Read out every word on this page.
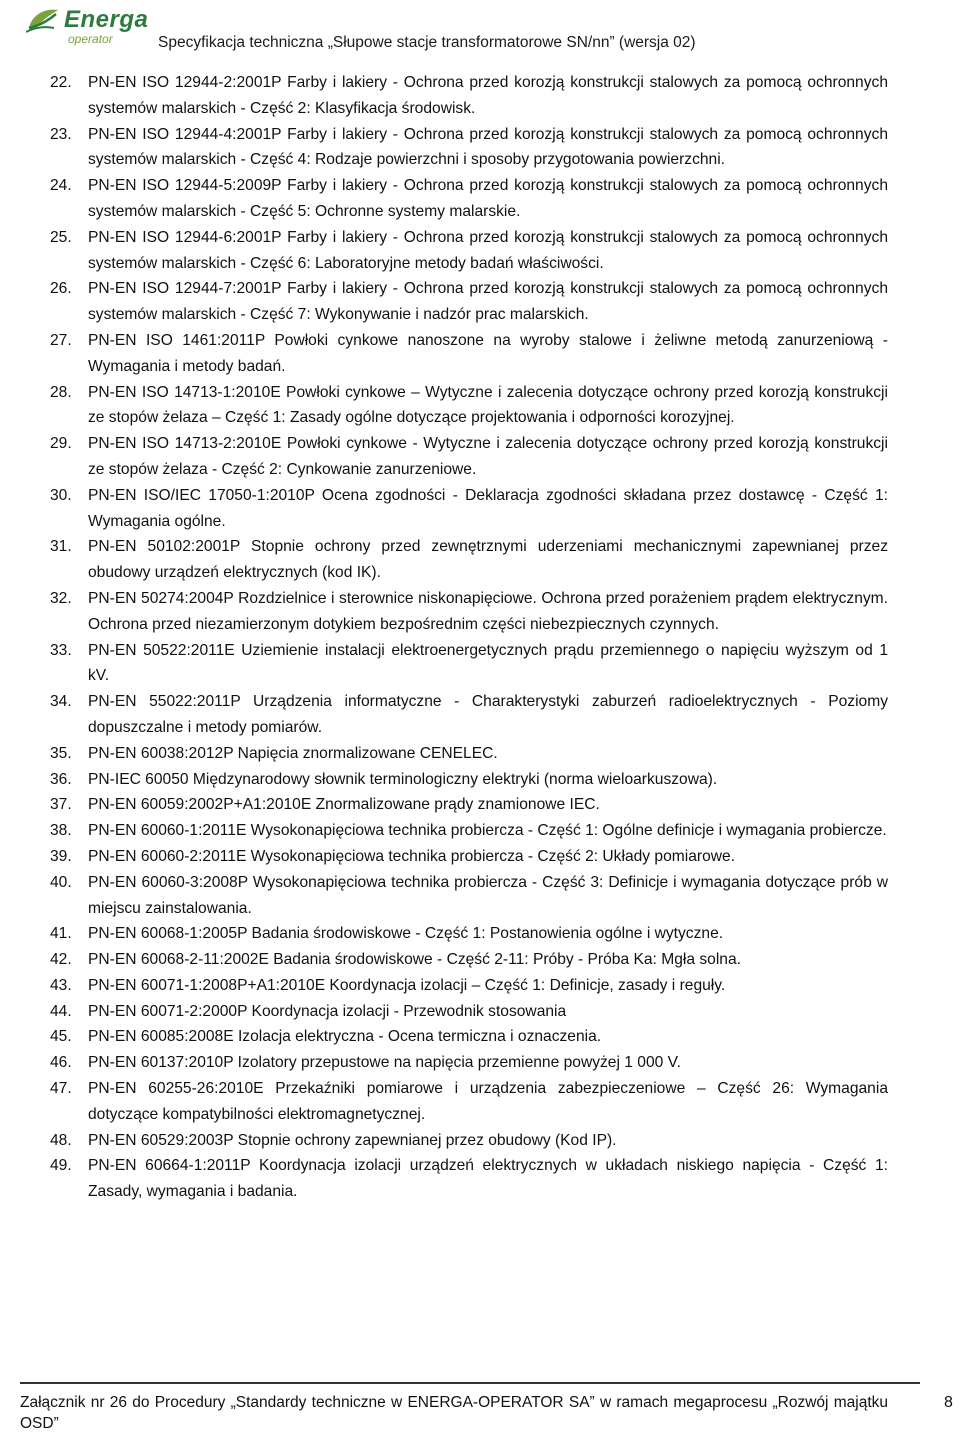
Energa
operator	Specyfikacja techniczna „Słupowe stacje transformatorowe SN/nn” (wersja 02)
22.	PN-EN ISO 12944-2:2001P Farby i lakiery - Ochrona przed korozją konstrukcji stalowych za pomocą ochronnych systemów malarskich - Część 2: Klasyfikacja środowisk.
23.	PN-EN ISO 12944-4:2001P Farby i lakiery - Ochrona przed korozją konstrukcji stalowych za pomocą ochronnych systemów malarskich - Część 4: Rodzaje powierzchni i sposoby przygotowania powierzchni.
24.	PN-EN ISO 12944-5:2009P Farby i lakiery - Ochrona przed korozją konstrukcji stalowych za pomocą ochronnych systemów malarskich - Część 5: Ochronne systemy malarskie.
25.	PN-EN ISO 12944-6:2001P Farby i lakiery - Ochrona przed korozją konstrukcji stalowych za pomocą ochronnych systemów malarskich - Część 6: Laboratoryjne metody badań właściwości.
26.	PN-EN ISO 12944-7:2001P Farby i lakiery - Ochrona przed korozją konstrukcji stalowych za pomocą ochronnych systemów malarskich - Część 7: Wykonywanie i nadzór prac malarskich.
27.	PN-EN ISO 1461:2011P Powłoki cynkowe nanoszone na wyroby stalowe i żeliwne metodą zanurzeniową - Wymagania i metody badań.
28.	PN-EN ISO 14713-1:2010E Powłoki cynkowe – Wytyczne i zalecenia dotyczące ochrony przed korozją konstrukcji ze stopów żelaza – Część 1: Zasady ogólne dotyczące projektowania i odporności korozyjnej.
29.	PN-EN ISO 14713-2:2010E Powłoki cynkowe - Wytyczne i zalecenia dotyczące ochrony przed korozją konstrukcji ze stopów żelaza - Część 2: Cynkowanie zanurzeniowe.
30.	PN-EN ISO/IEC 17050-1:2010P Ocena zgodności - Deklaracja zgodności składana przez dostawcę - Część 1: Wymagania ogólne.
31.	PN-EN 50102:2001P Stopnie ochrony przed zewnętrznymi uderzeniami mechanicznymi zapewnianej przez obudowy urządzeń elektrycznych (kod IK).
32.	PN-EN 50274:2004P Rozdzielnice i sterownice niskonapięciowe. Ochrona przed porażeniem prądem elektrycznym. Ochrona przed niezamierzonym dotykiem bezpośrednim części niebezpiecznych czynnych.
33.	PN-EN 50522:2011E Uziemienie instalacji elektroenergetycznych prądu przemiennego o napięciu wyższym od 1 kV.
34.	PN-EN 55022:2011P Urządzenia informatyczne - Charakterystyki zaburzeń radioelektrycznych - Poziomy dopuszczalne i metody pomiarów.
35.	PN-EN 60038:2012P Napięcia znormalizowane CENELEC.
36.	PN-IEC 60050 Międzynarodowy słownik terminologiczny elektryki (norma wieloarkuszowa).
37.	PN-EN 60059:2002P+A1:2010E Znormalizowane prądy znamionowe IEC.
38.	PN-EN 60060-1:2011E Wysokonapięciowa technika probiercza - Część 1: Ogólne definicje i wymagania probiercze.
39.	PN-EN 60060-2:2011E Wysokonapięciowa technika probiercza - Część 2: Układy pomiarowe.
40.	PN-EN 60060-3:2008P Wysokonapięciowa technika probiercza - Część 3: Definicje i wymagania dotyczące prób w miejscu zainstalowania.
41.	PN-EN 60068-1:2005P Badania środowiskowe - Część 1: Postanowienia ogólne i wytyczne.
42.	PN-EN 60068-2-11:2002E Badania środowiskowe - Część 2-11: Próby - Próba Ka: Mgła solna.
43.	PN-EN 60071-1:2008P+A1:2010E Koordynacja izolacji – Część 1: Definicje, zasady i reguły.
44.	PN-EN 60071-2:2000P Koordynacja izolacji - Przewodnik stosowania
45.	PN-EN 60085:2008E Izolacja elektryczna - Ocena termiczna i oznaczenia.
46.	PN-EN 60137:2010P Izolatory przepustowe na napięcia przemienne powyżej 1 000 V.
47.	PN-EN 60255-26:2010E Przekaźniki pomiarowe i urządzenia zabezpieczeniowe – Część 26: Wymagania dotyczące kompatybilności elektromagnetycznej.
48.	PN-EN 60529:2003P Stopnie ochrony zapewnianej przez obudowy (Kod IP).
49.	PN-EN 60664-1:2011P Koordynacja izolacji urządzeń elektrycznych w układach niskiego napięcia - Część 1: Zasady, wymagania i badania.
Załącznik nr 26 do Procedury „Standardy techniczne w ENERGA-OPERATOR SA” w ramach megaprocesu „Rozwój majątku OSD”
8
